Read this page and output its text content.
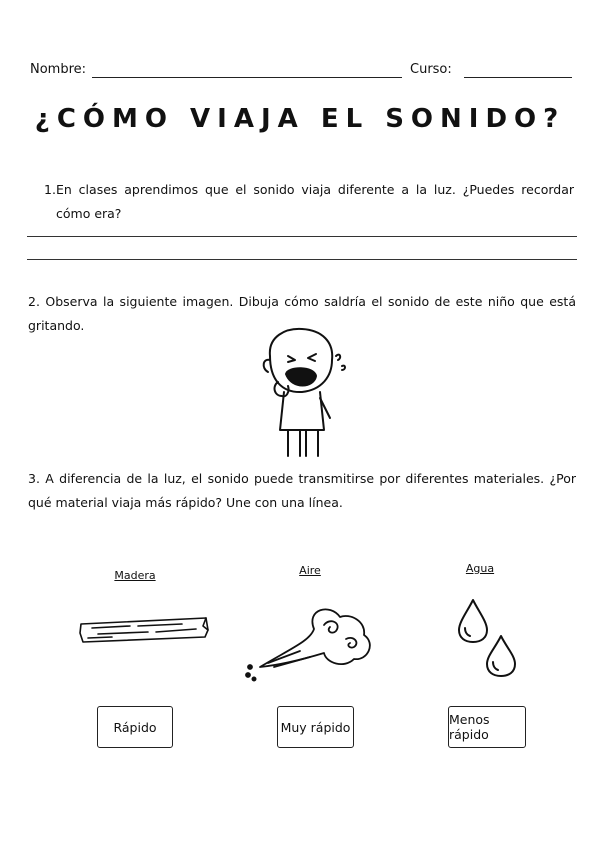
Nombre:	Curso:
¿CÓMO VIAJA EL SONIDO?
1. En clases aprendimos que el sonido viaja diferente a la luz. ¿Puedes recordar cómo era?
2. Observa la siguiente imagen. Dibuja cómo saldría el sonido de este niño que está gritando.
3. A diferencia de la luz, el sonido puede transmitirse por diferentes materiales. ¿Por qué material viaja más rápido? Une con una línea.
Madera	Aire	Agua
Rápido	Muy rápido	Menos rápido
